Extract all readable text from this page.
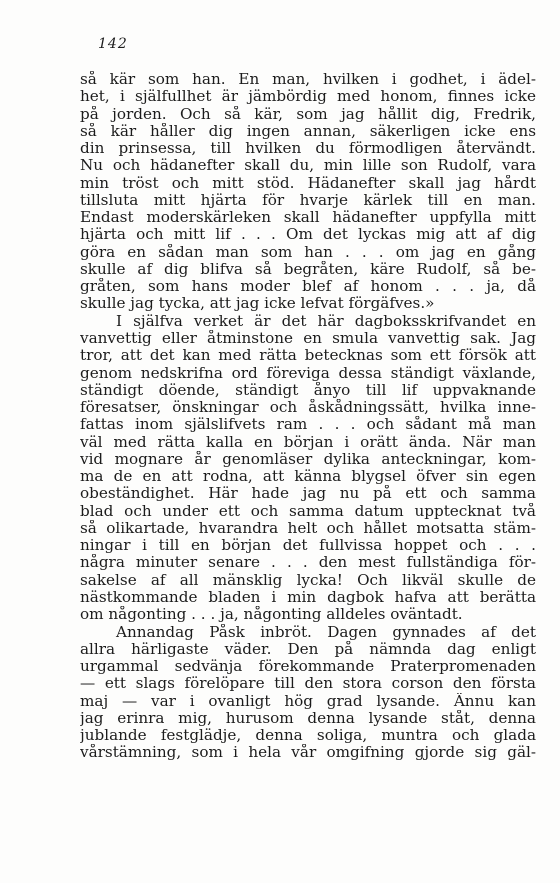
142
så kär som han. En man, hvilken i godhet, i ädel-
het, i själfullhet är jämbördig med honom, finnes icke
på jorden. Och så kär, som jag hållit dig, Fredrik,
så kär håller dig ingen annan, säkerligen icke ens
din prinsessa, till hvilken du förmodligen återvändt.
Nu och hädanefter skall du, min lille son Rudolf, vara
min tröst och mitt stöd. Hädanefter skall jag hårdt
tillsluta mitt hjärta för hvarje kärlek till en man.
Endast moderskärleken skall hädanefter uppfylla mitt
hjärta och mitt lif . . . Om det lyckas mig att af dig
göra en sådan man som han . . . om jag en gång
skulle af dig blifva så begråten, käre Rudolf, så be-
gråten, som hans moder blef af honom . . . ja, då
skulle jag tycka, att jag icke lefvat förgäfves.»
I själfva verket är det här dagboksskrifvandet en
vanvettig eller åtminstone en smula vanvettig sak. Jag
tror, att det kan med rätta betecknas som ett försök att
genom nedskrifna ord föreviga dessa ständigt växlande,
ständigt döende, ständigt ånyo till lif uppvaknande
föresatser, önskningar och åskådningssätt, hvilka inne-
fattas inom själslifvets ram . . . och sådant må man
väl med rätta kalla en början i orätt ända. När man
vid mognare år genomläser dylika anteckningar, kom-
ma de en att rodna, att känna blygsel öfver sin egen
obeständighet. Här hade jag nu på ett och samma
blad och under ett och samma datum upptecknat två
så olikartade, hvarandra helt och hållet motsatta stäm-
ningar i till en början det fullvissa hoppet och . . .
några minuter senare . . . den mest fullständiga för-
sakelse af all mänsklig lycka! Och likväl skulle de
nästkommande bladen i min dagbok hafva att berätta
om någonting . . . ja, någonting alldeles oväntadt.
Annandag Påsk inbröt. Dagen gynnades af det
allra härligaste väder. Den på nämnda dag enligt
urgammal sedvänja förekommande Praterpromenaden
— ett slags förelöpare till den stora corson den första
maj — var i ovanligt hög grad lysande. Ännu kan
jag erinra mig, hurusom denna lysande ståt, denna
jublande festglädje, denna soliga, muntra och glada
vårstämning, som i hela vår omgifning gjorde sig gäl-
